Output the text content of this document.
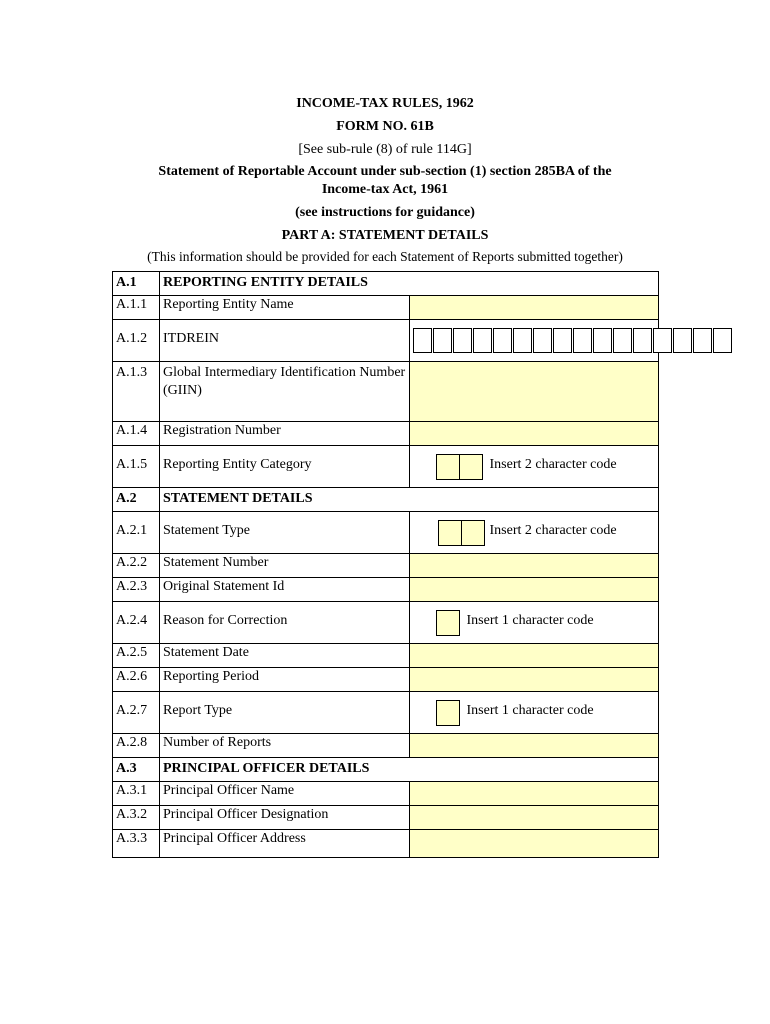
INCOME-TAX RULES, 1962
FORM NO. 61B
[See sub-rule (8) of rule 114G]
Statement of Reportable Account under sub-section (1) section 285BA of the
Income-tax Act, 1961
(see instructions for guidance)
PART A: STATEMENT DETAILS
(This information should be provided for each Statement of Reports submitted together)
A.1	REPORTING ENTITY DETAILS	
A.1.1	Reporting Entity Name	
A.1.2	ITDREIN	

A.1.3	Global Intermediary Identification Number (GIIN)	
A.1.4	Registration Number	
A.1.5	Reporting Entity Category	Insert 2 character code

A.2	STATEMENT DETAILS	
A.2.1	Statement Type	Insert 2 character code

A.2.2	Statement Number	
A.2.3	Original Statement Id	
A.2.4	Reason for Correction	Insert 1 character code

A.2.5	Statement Date	
A.2.6	Reporting Period	
A.2.7	Report Type	Insert 1 character code

A.2.8	Number of Reports	
A.3	PRINCIPAL OFFICER DETAILS	
A.3.1	Principal Officer Name	
A.3.2	Principal Officer Designation	
A.3.3	Principal Officer Address	
